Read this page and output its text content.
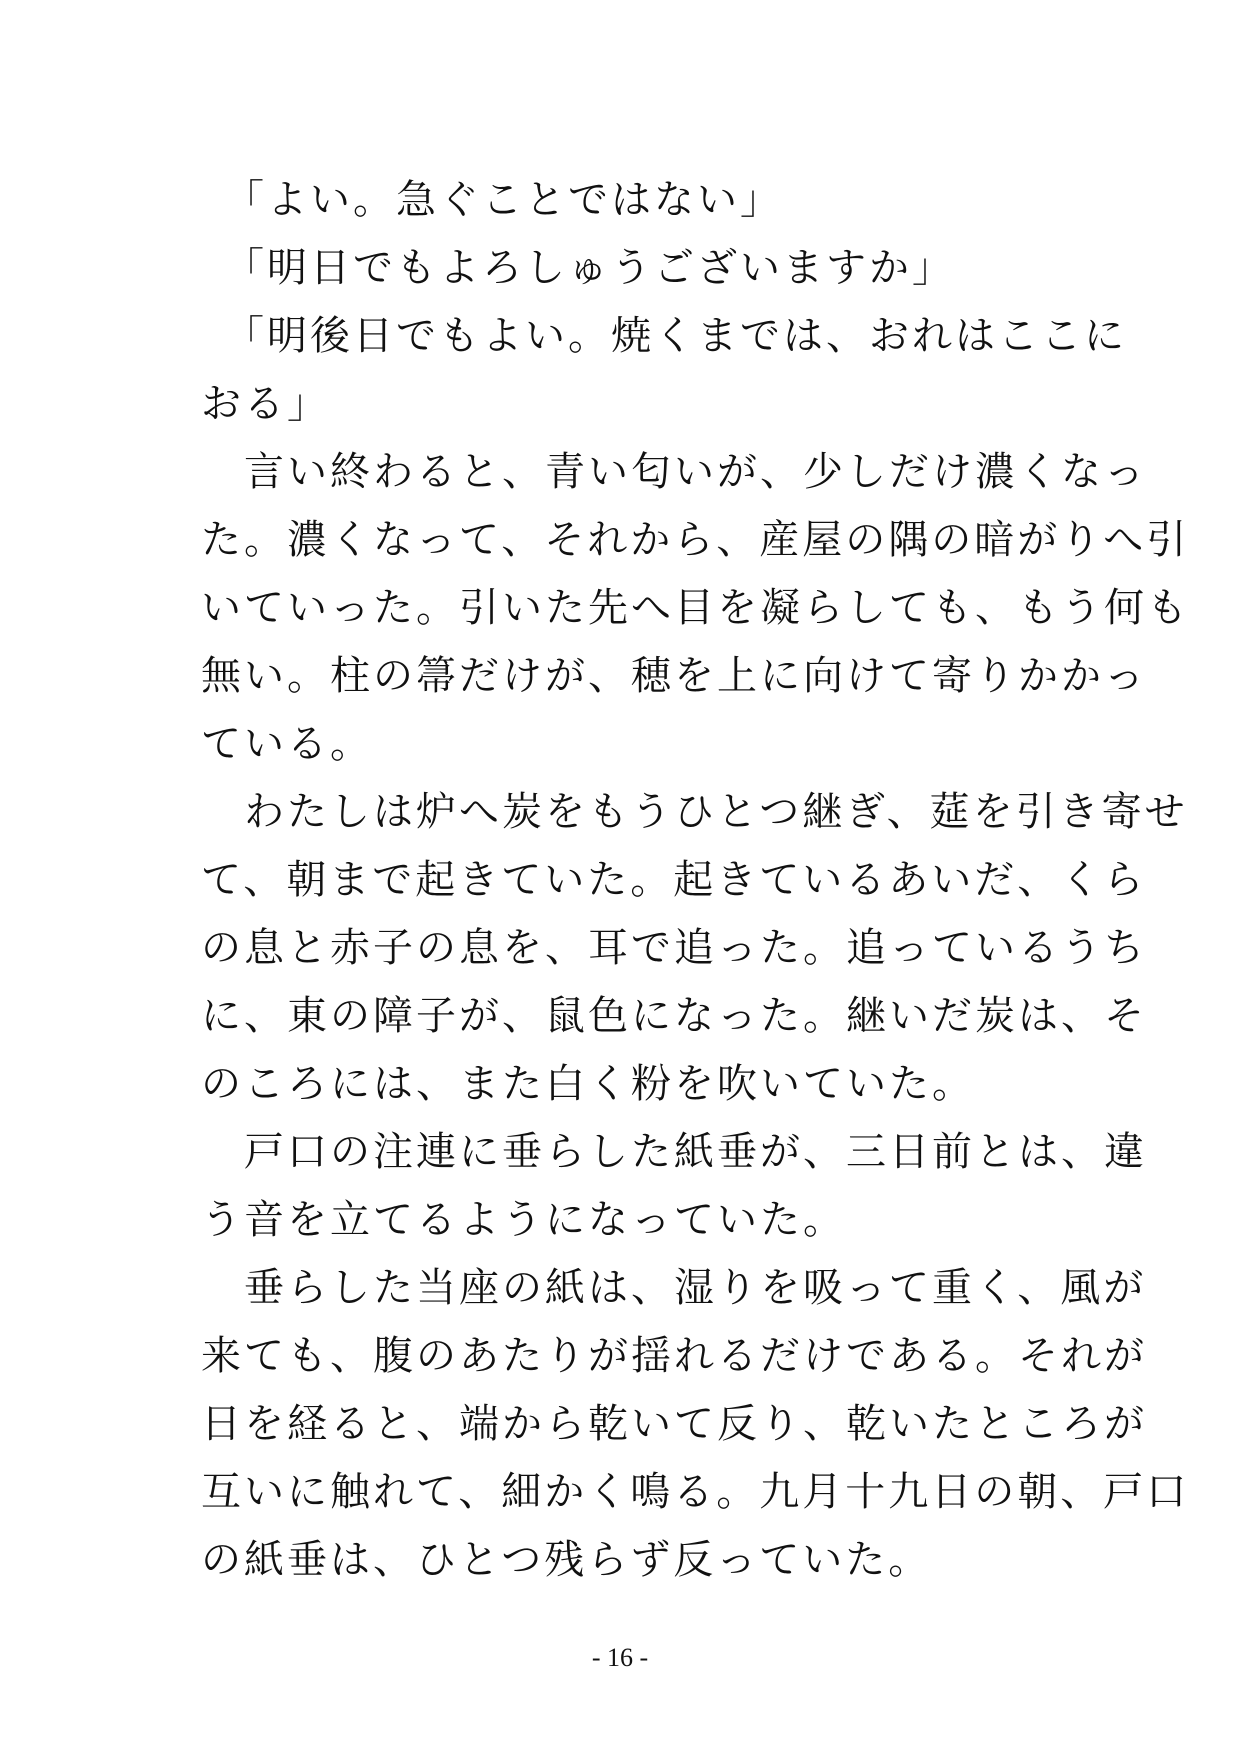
　「よい。急ぐことではない」
　「明日でもよろしゅうございますか」
　「明後日でもよい。焼くまでは、おれはここに
おる」
　言い終わると、青い匂いが、少しだけ濃くなっ
た。濃くなって、それから、産屋の隅の暗がりへ引
いていった。引いた先へ目を凝らしても、もう何も
無い。柱の箒だけが、穂を上に向けて寄りかかっ
ている。
　わたしは炉へ炭をもうひとつ継ぎ、莚を引き寄せ
て、朝まで起きていた。起きているあいだ、くら
の息と赤子の息を、耳で追った。追っているうち
に、東の障子が、鼠色になった。継いだ炭は、そ
のころには、また白く粉を吹いていた。
　戸口の注連に垂らした紙垂が、三日前とは、違
う音を立てるようになっていた。
　垂らした当座の紙は、湿りを吸って重く、風が
来ても、腹のあたりが揺れるだけである。それが
日を経ると、端から乾いて反り、乾いたところが
互いに触れて、細かく鳴る。九月十九日の朝、戸口
の紙垂は、ひとつ残らず反っていた。
- 16 -
